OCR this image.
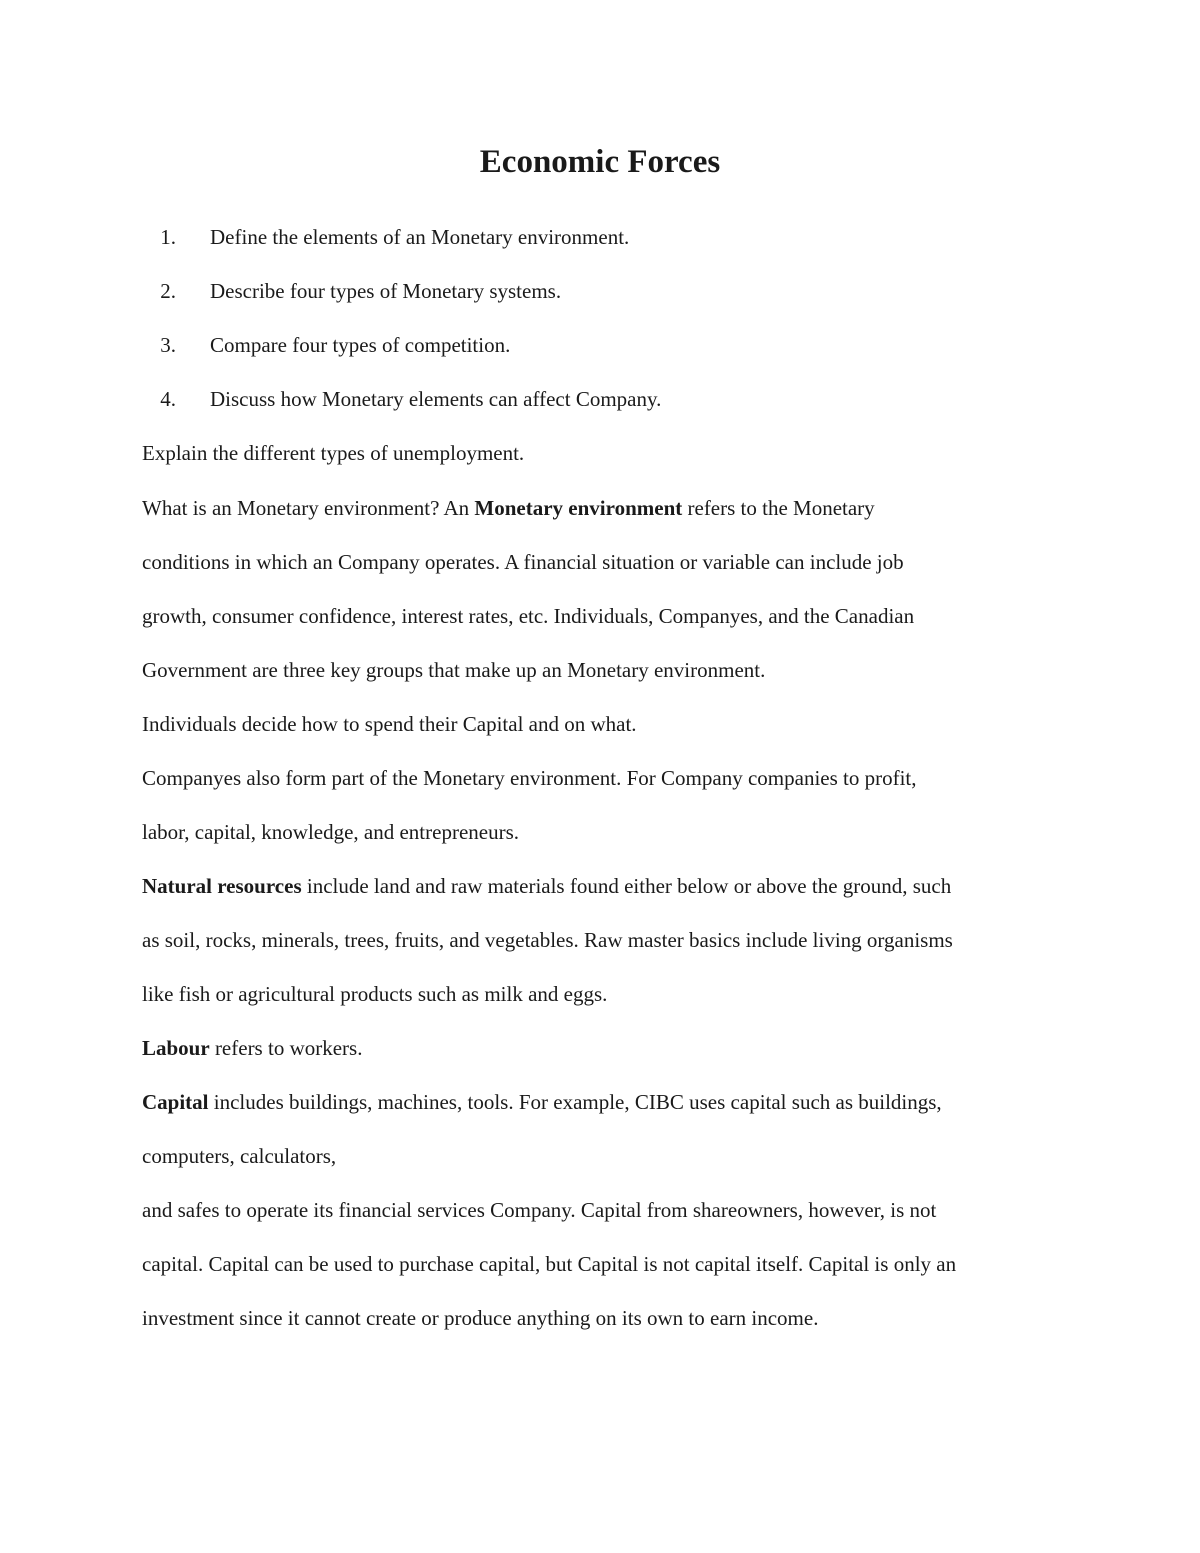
Economic Forces
1. Define the elements of an Monetary environment.
2. Describe four types of Monetary systems.
3. Compare four types of competition.
4. Discuss how Monetary elements can affect Company.
Explain the different types of unemployment.
What is an Monetary environment? An Monetary environment refers to the Monetary
conditions in which an Company operates. A financial situation or variable can include job
growth, consumer confidence, interest rates, etc. Individuals, Companyes, and the Canadian
Government are three key groups that make up an Monetary environment.
Individuals decide how to spend their Capital and on what.
Companyes also form part of the Monetary environment. For Company companies to profit,
labor, capital, knowledge, and entrepreneurs.
Natural resources include land and raw materials found either below or above the ground, such
as soil, rocks, minerals, trees, fruits, and vegetables. Raw master basics include living organisms
like fish or agricultural products such as milk and eggs.
Labour refers to workers.
Capital includes buildings, machines, tools. For example, CIBC uses capital such as buildings,
computers, calculators,
and safes to operate its financial services Company. Capital from shareowners, however, is not
capital. Capital can be used to purchase capital, but Capital is not capital itself. Capital is only an
investment since it cannot create or produce anything on its own to earn income.
